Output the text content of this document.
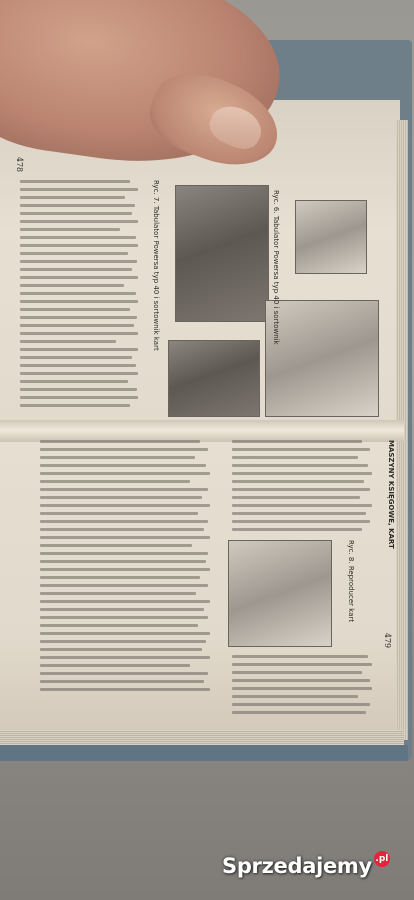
478
Ryc. 6. Tabulator Powersa typ 40 i sortownik
Ryc. 7. Tabulator Powersa typ 40 i sortownik kart
Ryc. 8. Reproducer kart
MASZYNY KSIĘGOWE, KART
479
Sprzedajemy .pl
